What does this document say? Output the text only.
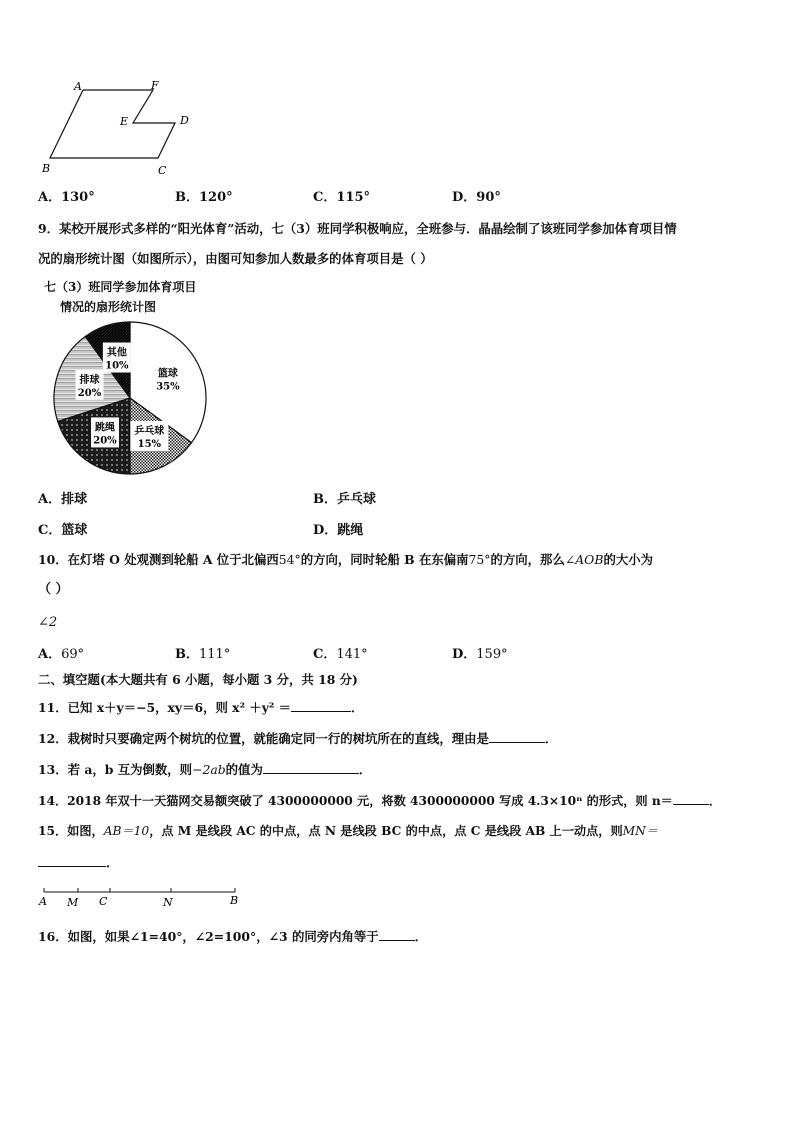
A	F
E	D
B	C
A．130°	B．120°	C．115°	D．90°
9．某校开展形式多样的“阳光体育”活动，七（3）班同学积极响应，全班参与．晶晶绘制了该班同学参加体育项目情
况的扇形统计图（如图所示），由图可知参加人数最多的体育项目是（ ）
七（3）班同学参加体育项目
情况的扇形统计图
篮球
35%
乒乓球
15%
跳绳
20%
排球
20%
其他
10%
A．排球	B．乒乓球
C．篮球	D．跳绳
10．在灯塔 O 处观测到轮船 A 位于北偏西54°的方向，同时轮船 B 在东偏南75°的方向，那么∠AOB的大小为
（ ）
∠2
A．69°	B．111°	C．141°	D．159°
二、填空题(本大题共有 6 小题，每小题 3 分，共 18 分)
11．已知 x＋y＝−5，xy＝6，则 x² ＋y² ＝	．
12．栽树时只要确定两个树坑的位置，就能确定同一行的树坑所在的直线，理由是	．
13．若 a，b 互为倒数，则−2ab的值为	．
14．2018 年双十一天猫网交易额突破了 4300000000 元，将数 4300000000 写成 4.3×10ⁿ 的形式，则 n＝	．
15．如图，AB＝10，点 M 是线段 AC 的中点，点 N 是线段 BC 的中点，点 C 是线段 AB 上一动点，则MN＝
．
A M C	N	B
16．如图，如果∠1=40°，∠2=100°，∠3 的同旁内角等于	．
